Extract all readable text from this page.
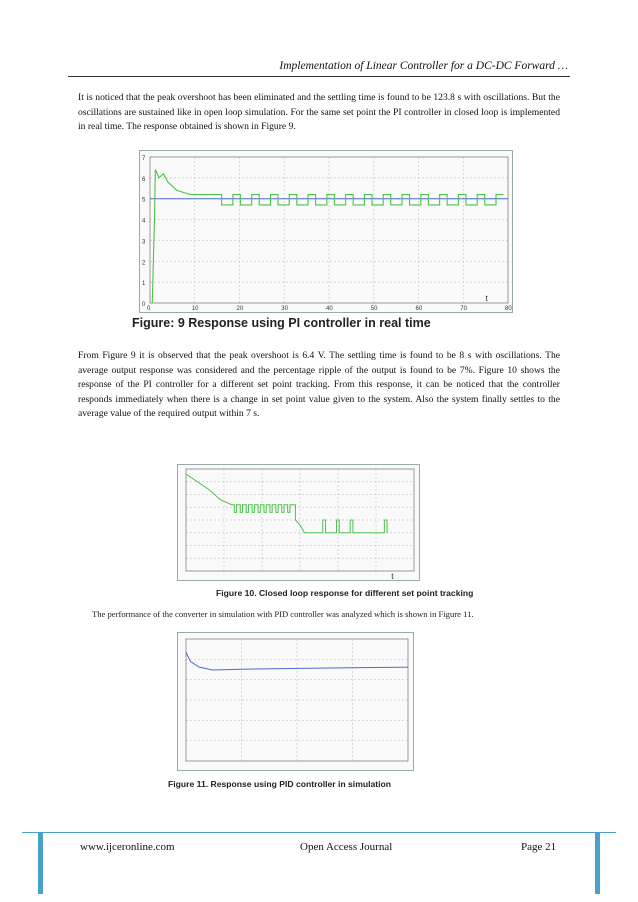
Implementation of Linear Controller for a DC-DC Forward …

It is noticed that the peak overshoot has been eliminated and the settling time is found to be 123.8 s with oscillations. But the oscillations are sustained like in open loop simulation. For the same set point the PI controller in closed loop is implemented in real time. The response obtained is shown in Figure 9.

7
6
5
4
3
2
1
0
0	10	20	30	40	50	60	70	80
t
Figure: 9 Response using PI controller in real time

From Figure 9 it is observed that the peak overshoot is 6.4 V. The settling time is found to be 8 s with oscillations. The average output response was considered and the percentage ripple of the output is found to be 7%. Figure 10 shows the response of the PI controller for a different set point tracking. From this response, it can be noticed that the controller responds immediately when there is a change in set point value given to the system. Also the system finally settles to the average value of the required output within 7 s.

t
Figure 10. Closed loop response for different set point tracking
The performance of the converter in simulation with PID controller was analyzed which is shown in Figure 11.
Figure 11. Response using PID controller in simulation
www.ijceronline.com	Open Access Journal	Page 21
